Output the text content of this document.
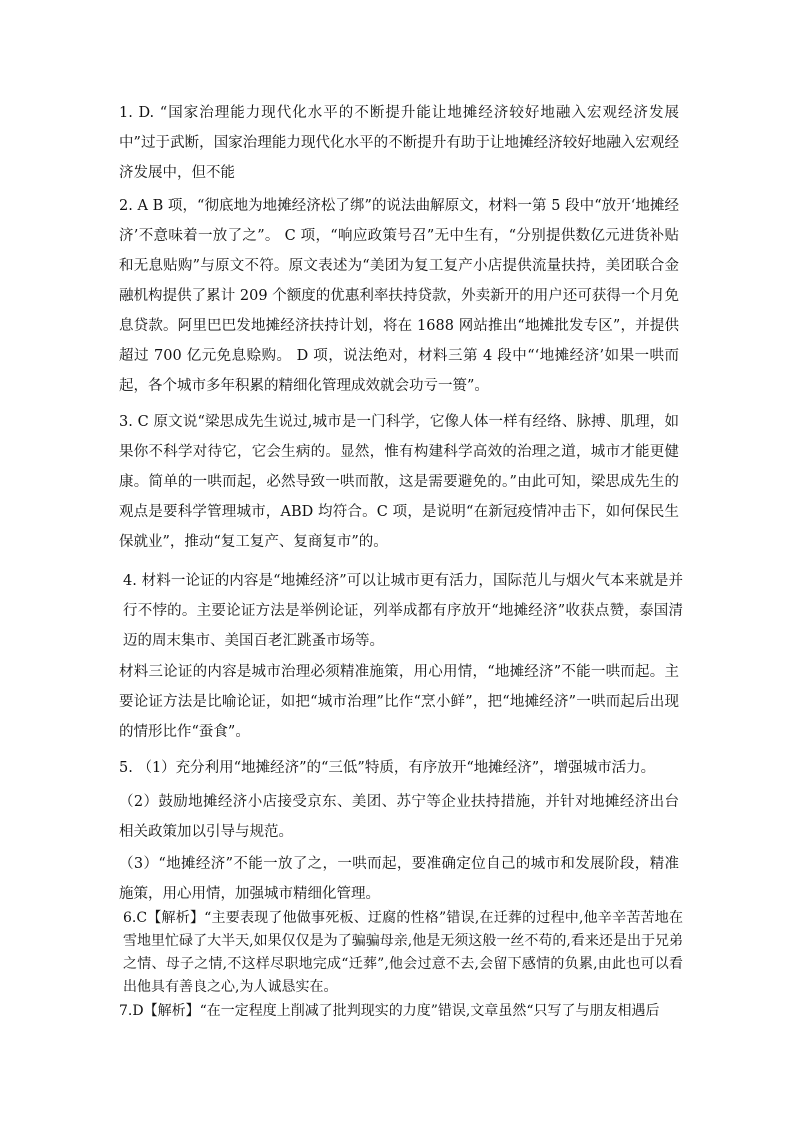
1. D. “国家治理能力现代化水平的不断提升能让地摊经济较好地融入宏观经济发展中”过于武断，国家治理能力现代化水平的不断提升有助于让地摊经济较好地融入宏观经济发展中，但不能

2. A B 项，“彻底地为地摊经济松了绑”的说法曲解原文，材料一第 5 段中“放开‘地摊经济’不意味着一放了之”。 C 项，“响应政策号召”无中生有，“分别提供数亿元进货补贴和无息贴购”与原文不符。原文表述为“美团为复工复产小店提供流量扶持，美团联合金融机构提供了累计 209 个额度的优惠利率扶持贷款，外卖新开的用户还可获得一个月免息贷款。阿里巴巴发地摊经济扶持计划，将在 1688 网站推出“地摊批发专区”，并提供超过 700 亿元免息赊购。 D 项，说法绝对，材料三第 4 段中“‘地摊经济’如果一哄而起，各个城市多年积累的精细化管理成效就会功亏一篑”。

3. C 原文说“梁思成先生说过,城市是一门科学，它像人体一样有经络、脉搏、肌理，如果你不科学对待它，它会生病的。显然，惟有构建科学高效的治理之道，城市才能更健康。简单的一哄而起，必然导致一哄而散，这是需要避免的。”由此可知，梁思成先生的观点是要科学管理城市，ABD 均符合。C 项，是说明“在新冠疫情冲击下，如何保民生保就业”，推动“复工复产、复商复市”的。

4. 材料一论证的内容是“地摊经济”可以让城市更有活力，国际范儿与烟火气本来就是并行不悖的。主要论证方法是举例论证，列举成都有序放开“地摊经济”收获点赞，泰国清迈的周末集市、美国百老汇跳蚤市场等。

材料三论证的内容是城市治理必须精准施策，用心用情，“地摊经济”不能一哄而起。主要论证方法是比喻论证，如把“城市治理”比作“烹小鲜”，把“地摊经济”一哄而起后出现的情形比作“蚕食”。

5. （1）充分利用“地摊经济”的“三低”特质，有序放开“地摊经济”，增强城市活力。

（2）鼓励地摊经济小店接受京东、美团、苏宁等企业扶持措施，并针对地摊经济出台相关政策加以引导与规范。

（3）“地摊经济”不能一放了之，一哄而起，要准确定位自己的城市和发展阶段，精准施策，用心用情，加强城市精细化管理。

6.C【解析】“主要表现了他做事死板、迂腐的性格”错误,在迁葬的过程中,他辛辛苦苦地在雪地里忙碌了大半天,如果仅仅是为了骗骗母亲,他是无须这般一丝不苟的,看来还是出于兄弟之情、母子之情,不这样尽职地完成“迁葬”,他会过意不去,会留下感情的负累,由此也可以看出他具有善良之心,为人诚恳实在。

7.D【解析】“在一定程度上削减了批判现实的力度”错误,文章虽然“只写了与朋友相遇后
